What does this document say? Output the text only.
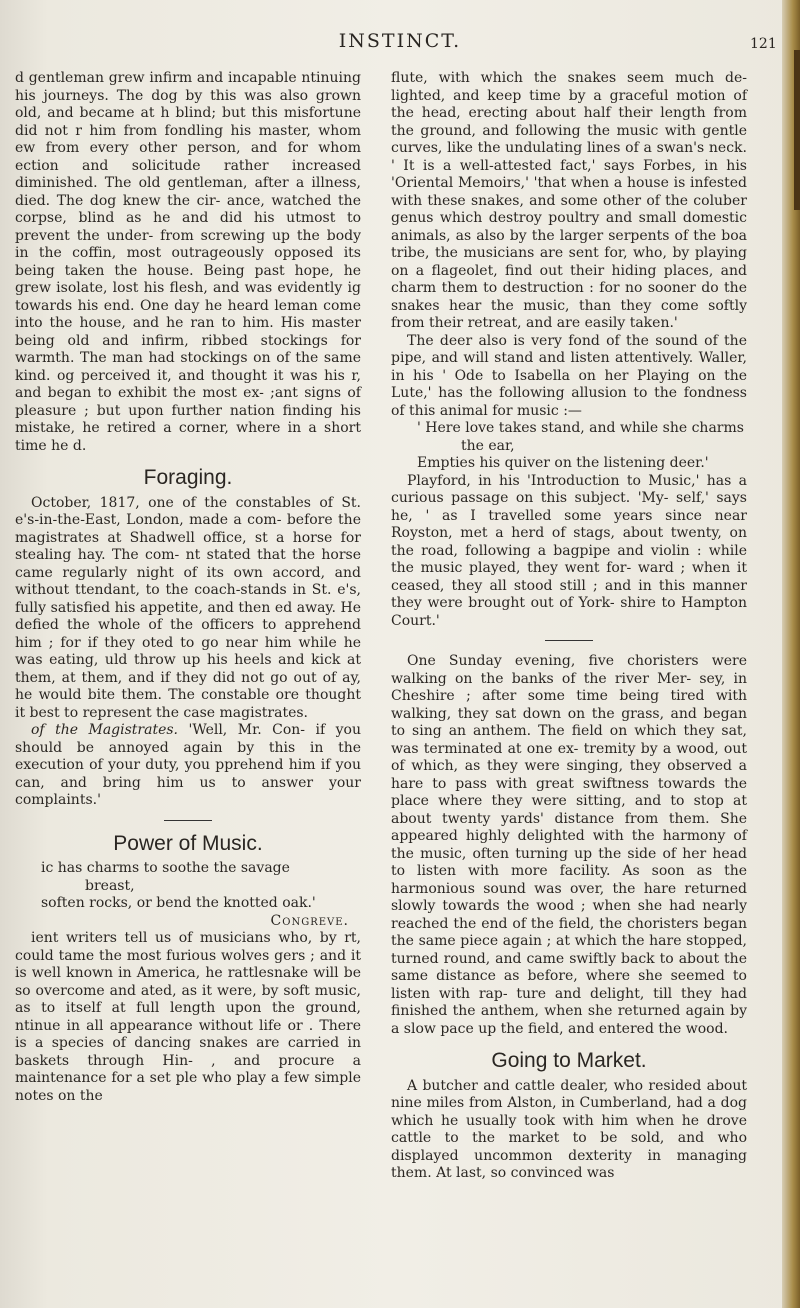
INSTINCT.	121

d gentleman grew infirm and incapable ntinuing his journeys. The dog by this was also grown old, and became at h blind; but this misfortune did not r him from fondling his master, whom ew from every other person, and for whom ection and solicitude rather increased diminished. The old gentleman, after a illness, died. The dog knew the cir- ance, watched the corpse, blind as he and did his utmost to prevent the under- from screwing up the body in the coffin, most outrageously opposed its being taken the house. Being past hope, he grew isolate, lost his flesh, and was evidently ig towards his end. One day he heard leman come into the house, and he ran to him. His master being old and infirm, ribbed stockings for warmth. The man had stockings on of the same kind. og perceived it, and thought it was his r, and began to exhibit the most ex- ;ant signs of pleasure ; but upon further nation finding his mistake, he retired a corner, where in a short time he d.

Foraging.

October, 1817, one of the constables of St. e's-in-the-East, London, made a com- before the magistrates at Shadwell office, st a horse for stealing hay. The com- nt stated that the horse came regularly night of its own accord, and without ttendant, to the coach-stands in St. e's, fully satisfied his appetite, and then ed away. He defied the whole of the officers to apprehend him ; for if they oted to go near him while he was eating, uld throw up his heels and kick at them, at them, and if they did not go out of ay, he would bite them. The constable ore thought it best to represent the case magistrates.

of the Magistrates. 'Well, Mr. Con- if you should be annoyed again by this in the execution of your duty, you pprehend him if you can, and bring him us to answer your complaints.'

Power of Music.
ic has charms to soothe the savage
breast,
soften rocks, or bend the knotted oak.'
Congreve.

ient writers tell us of musicians who, by rt, could tame the most furious wolves gers ; and it is well known in America, he rattlesnake will be so overcome and ated, as it were, by soft music, as to itself at full length upon the ground, ntinue in all appearance without life or . There is a species of dancing snakes are carried in baskets through Hin- , and procure a maintenance for a set ple who play a few simple notes on the

flute, with which the snakes seem much de- lighted, and keep time by a graceful motion of the head, erecting about half their length from the ground, and following the music with gentle curves, like the undulating lines of a swan's neck. ' It is a well-attested fact,' says Forbes, in his 'Oriental Memoirs,' 'that when a house is infested with these snakes, and some other of the coluber genus which destroy poultry and small domestic animals, as also by the larger serpents of the boa tribe, the musicians are sent for, who, by playing on a flageolet, find out their hiding places, and charm them to destruction : for no sooner do the snakes hear the music, than they come softly from their retreat, and are easily taken.'

The deer also is very fond of the sound of the pipe, and will stand and listen attentively. Waller, in his ' Ode to Isabella on her Playing on the Lute,' has the following allusion to the fondness of this animal for music :—

' Here love takes stand, and while she charms
the ear,
Empties his quiver on the listening deer.'

Playford, in his 'Introduction to Music,' has a curious passage on this subject. 'My- self,' says he, ' as I travelled some years since near Royston, met a herd of stags, about twenty, on the road, following a bagpipe and violin : while the music played, they went for- ward ; when it ceased, they all stood still ; and in this manner they were brought out of York- shire to Hampton Court.'

One Sunday evening, five choristers were walking on the banks of the river Mer- sey, in Cheshire ; after some time being tired with walking, they sat down on the grass, and began to sing an anthem. The field on which they sat, was terminated at one ex- tremity by a wood, out of which, as they were singing, they observed a hare to pass with great swiftness towards the place where they were sitting, and to stop at about twenty yards' distance from them. She appeared highly delighted with the harmony of the music, often turning up the side of her head to listen with more facility. As soon as the harmonious sound was over, the hare returned slowly towards the wood ; when she had nearly reached the end of the field, the choristers began the same piece again ; at which the hare stopped, turned round, and came swiftly back to about the same distance as before, where she seemed to listen with rap- ture and delight, till they had finished the anthem, when she returned again by a slow pace up the field, and entered the wood.

Going to Market.

A butcher and cattle dealer, who resided about nine miles from Alston, in Cumberland, had a dog which he usually took with him when he drove cattle to the market to be sold, and who displayed uncommon dexterity in managing them. At last, so convinced was
